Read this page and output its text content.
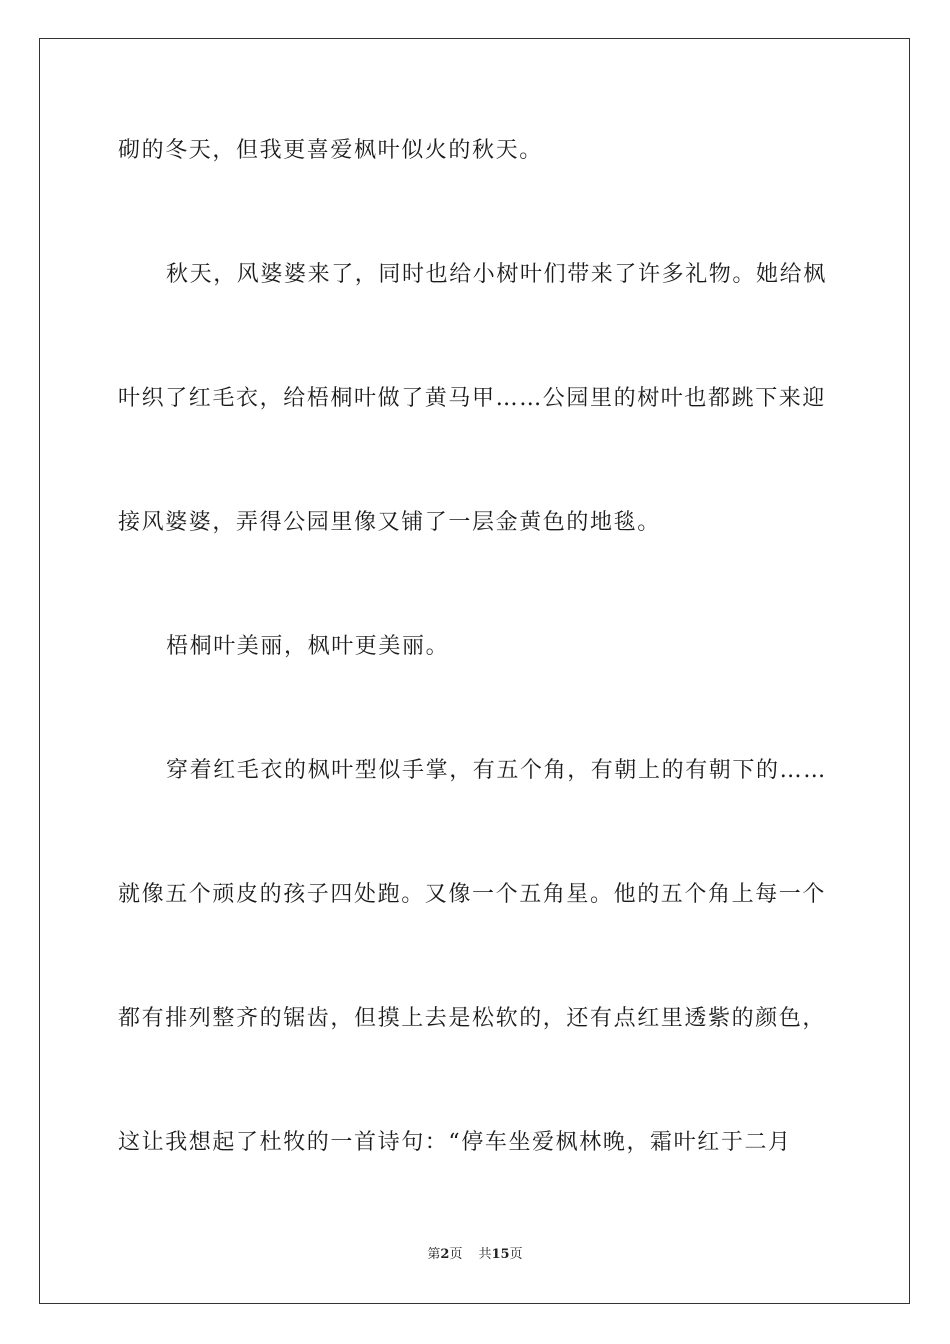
砌的冬天，但我更喜爱枫叶似火的秋天。
秋天，风婆婆来了，同时也给小树叶们带来了许多礼物。她给枫
叶织了红毛衣，给梧桐叶做了黄马甲……公园里的树叶也都跳下来迎
接风婆婆，弄得公园里像又铺了一层金黄色的地毯。
梧桐叶美丽，枫叶更美丽。
穿着红毛衣的枫叶型似手掌，有五个角，有朝上的有朝下的……
就像五个顽皮的孩子四处跑。又像一个五角星。他的五个角上每一个
都有排列整齐的锯齿，但摸上去是松软的，还有点红里透紫的颜色，
这让我想起了杜牧的一首诗句：“停车坐爱枫林晚，霜叶红于二月
第2页 共15页
